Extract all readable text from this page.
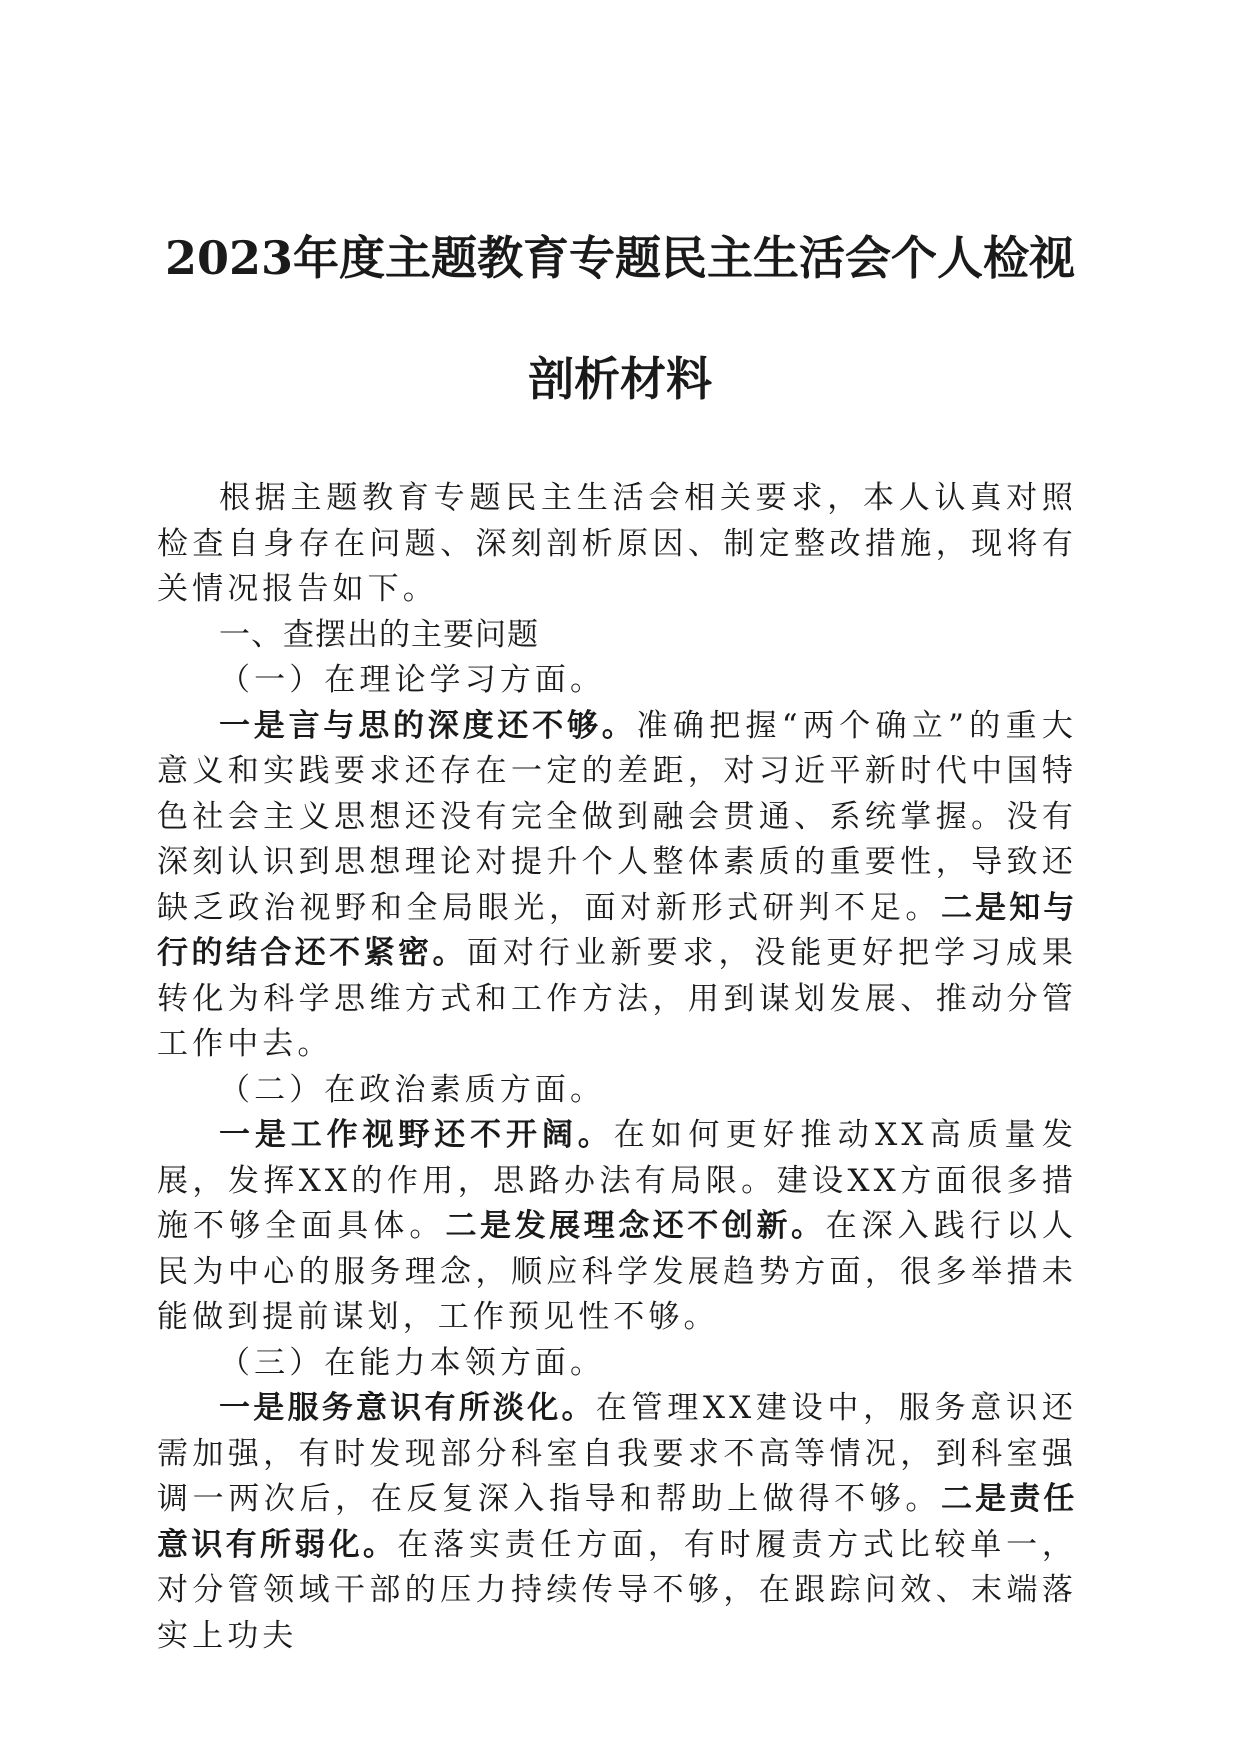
2023年度主题教育专题民主生活会个人检视
剖析材料

根据主题教育专题民主生活会相关要求，本人认真对照检查自身存在问题、深刻剖析原因、制定整改措施，现将有关情况报告如下。

一、查摆出的主要问题

（一）在理论学习方面。

一是言与思的深度还不够。准确把握“两个确立”的重大意义和实践要求还存在一定的差距，对习近平新时代中国特色社会主义思想还没有完全做到融会贯通、系统掌握。没有深刻认识到思想理论对提升个人整体素质的重要性，导致还缺乏政治视野和全局眼光，面对新形式研判不足。二是知与行的结合还不紧密。面对行业新要求，没能更好把学习成果转化为科学思维方式和工作方法，用到谋划发展、推动分管工作中去。

（二）在政治素质方面。

一是工作视野还不开阔。在如何更好推动XX高质量发展，发挥XX的作用，思路办法有局限。建设XX方面很多措施不够全面具体。二是发展理念还不创新。在深入践行以人民为中心的服务理念，顺应科学发展趋势方面，很多举措未能做到提前谋划，工作预见性不够。

（三）在能力本领方面。

一是服务意识有所淡化。在管理XX建设中，服务意识还需加强，有时发现部分科室自我要求不高等情况，到科室强调一两次后，在反复深入指导和帮助上做得不够。二是责任意识有所弱化。在落实责任方面，有时履责方式比较单一，对分管领域干部的压力持续传导不够，在跟踪问效、末端落实上功夫
